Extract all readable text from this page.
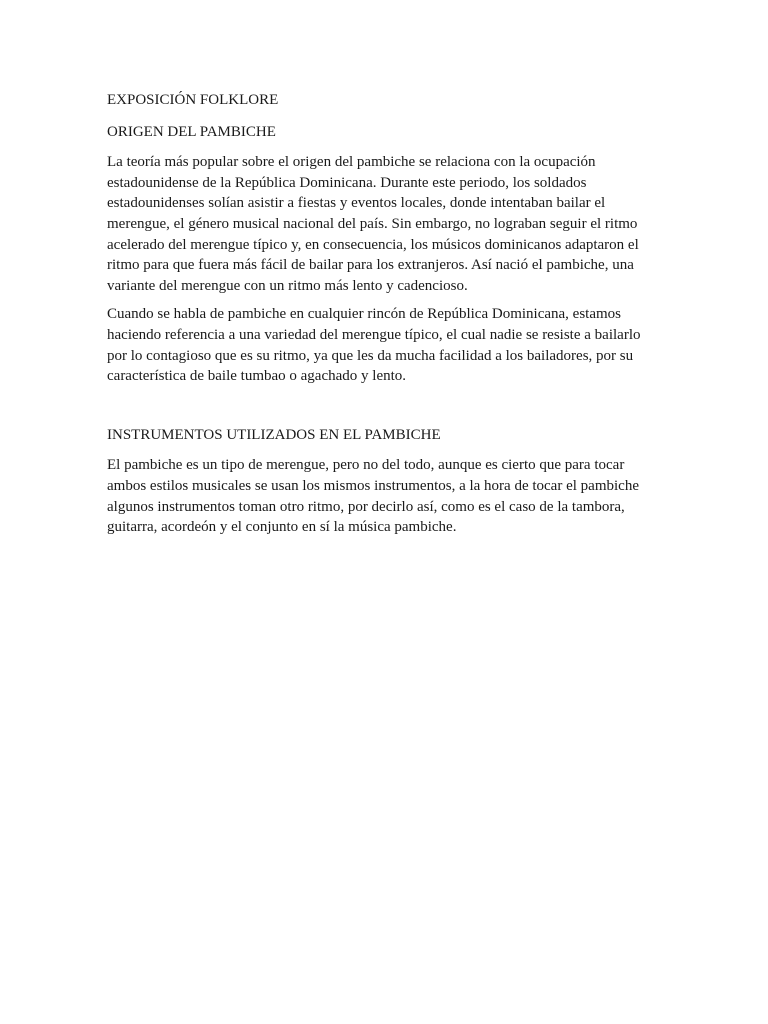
EXPOSICIÓN FOLKLORE

ORIGEN DEL PAMBICHE

La teoría más popular sobre el origen del pambiche se relaciona con la ocupación estadounidense de la República Dominicana. Durante este periodo, los soldados estadounidenses solían asistir a fiestas y eventos locales, donde intentaban bailar el merengue, el género musical nacional del país. Sin embargo, no lograban seguir el ritmo acelerado del merengue típico y, en consecuencia, los músicos dominicanos adaptaron el ritmo para que fuera más fácil de bailar para los extranjeros. Así nació el pambiche, una variante del merengue con un ritmo más lento y cadencioso.

Cuando se habla de pambiche en cualquier rincón de República Dominicana, estamos haciendo referencia a una variedad del merengue típico, el cual nadie se resiste a bailarlo por lo contagioso que es su ritmo, ya que les da mucha facilidad a los bailadores, por su característica de baile tumbao o agachado y lento.

INSTRUMENTOS UTILIZADOS EN EL PAMBICHE

El pambiche es un tipo de merengue, pero no del todo, aunque es cierto que para tocar ambos estilos musicales se usan los mismos instrumentos, a la hora de tocar el pambiche algunos instrumentos toman otro ritmo, por decirlo así, como es el caso de la tambora, guitarra, acordeón y el conjunto en sí la música pambiche.
